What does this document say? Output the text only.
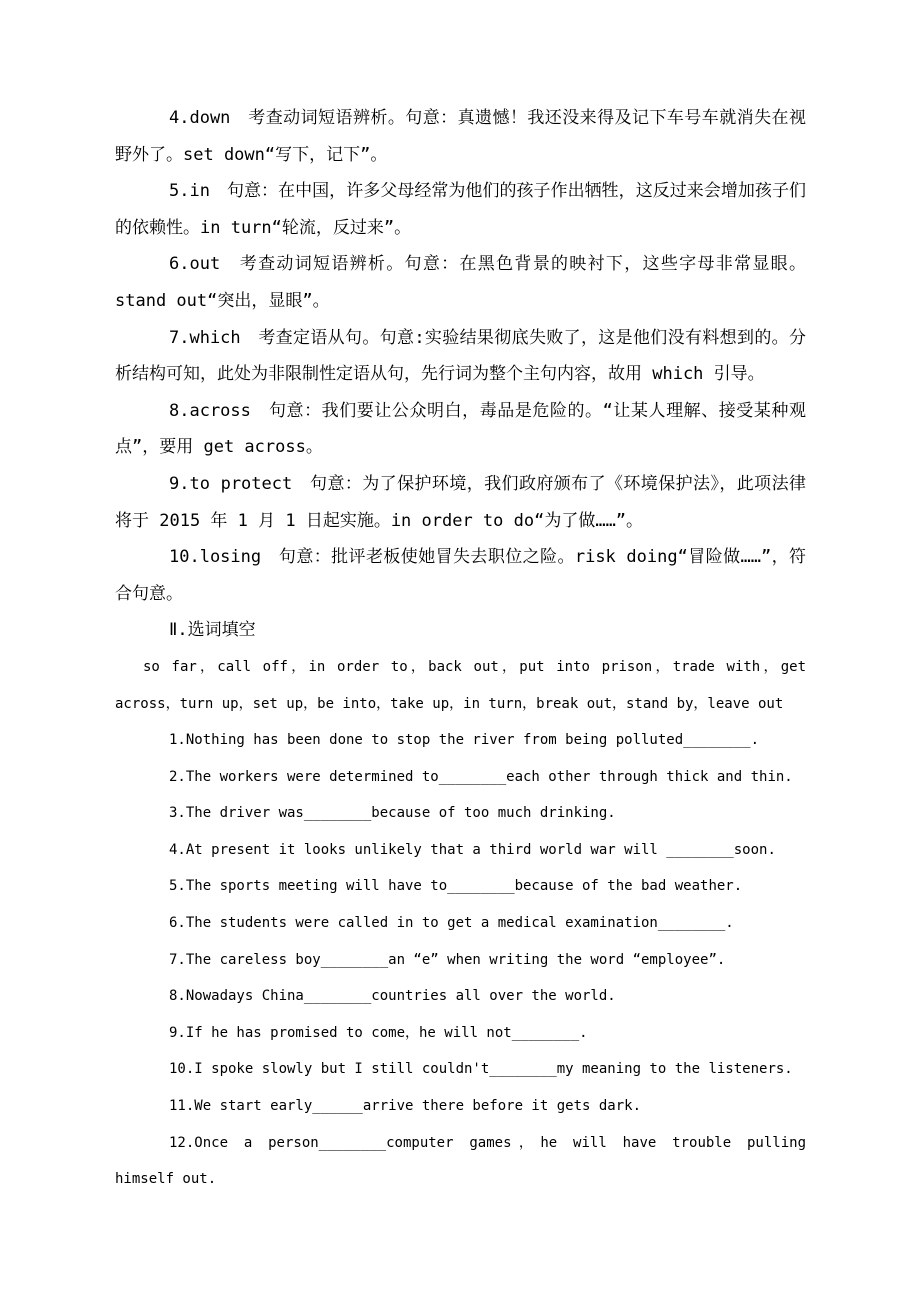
4.down　考查动词短语辨析。句意：真遗憾！我还没来得及记下车号车就消失在视野外了。set down“写下，记下”。

5.in　句意：在中国，许多父母经常为他们的孩子作出牺牲，这反过来会增加孩子们的依赖性。in turn“轮流，反过来”。

6.out　考查动词短语辨析。句意：在黑色背景的映衬下，这些字母非常显眼。stand out“突出，显眼”。

7.which　考查定语从句。句意:实验结果彻底失败了，这是他们没有料想到的。分析结构可知，此处为非限制性定语从句，先行词为整个主句内容，故用 which 引导。

8.across　句意：我们要让公众明白，毒品是危险的。“让某人理解、接受某种观点”，要用 get across。

9.to protect　句意：为了保护环境，我们政府颁布了《环境保护法》，此项法律将于 2015 年 1 月 1 日起实施。in order to do“为了做……”。

10.losing　句意：批评老板使她冒失去职位之险。risk doing“冒险做……”，符合句意。

Ⅱ.选词填空

so far，call off，in order to，back out，put into prison，trade with，get across，turn up，set up，be into，take up，in turn，break out，stand by，leave out

1.Nothing has been done to stop the river from being polluted________.

2.The workers were determined to________each other through thick and thin.

3.The driver was________because of too much drinking.

4.At present it looks unlikely that a third world war will ________soon.

5.The sports meeting will have to________because of the bad weather.

6.The students were called in to get a medical examination________.

7.The careless boy________an “e” when writing the word “employee”.

8.Nowadays China________countries all over the world.

9.If he has promised to come，he will not________.

10.I spoke slowly but I still couldn't________my meaning to the listeners.

11.We start early______arrive there before it gets dark.

12.Once a person________computer games，he will have trouble pulling himself out.
